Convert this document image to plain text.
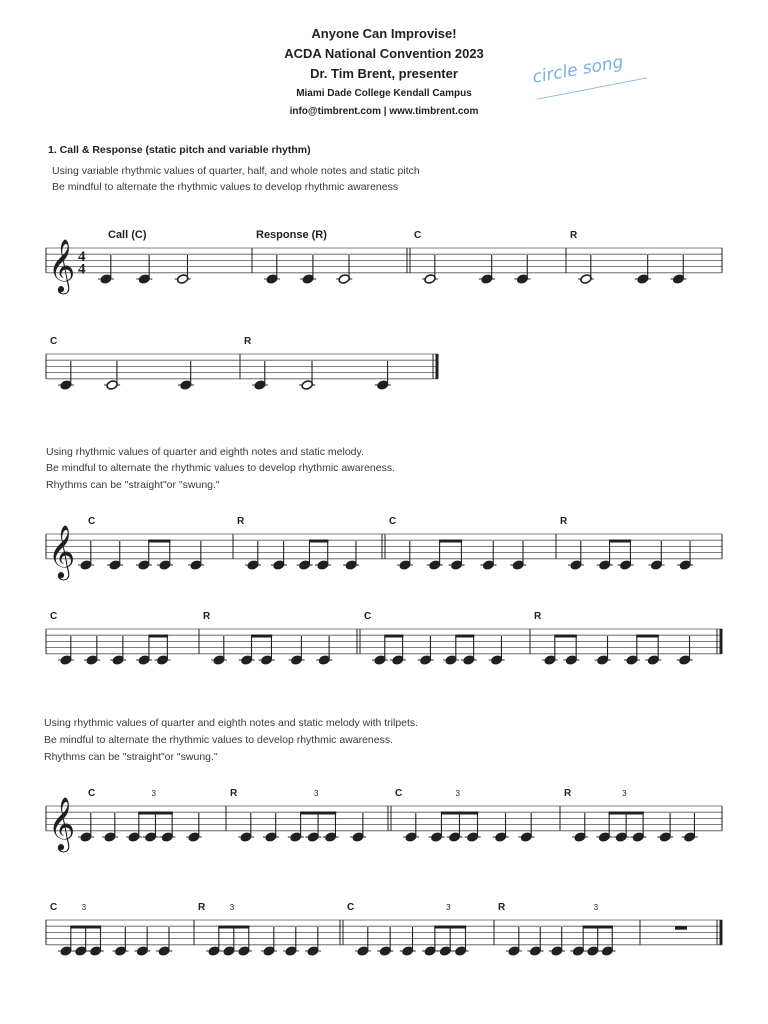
Anyone Can Improvise!
ACDA National Convention 2023
Dr. Tim Brent, presenter
Miami Dade College Kendall Campus
info@timbrent.com | www.timbrent.com
circle song
1. Call & Response (static pitch and variable rhythm)
Using variable rhythmic values of quarter, half, and whole notes and static pitch
Be mindful to alternate the rhythmic values to develop rhythmic awareness
Using rhythmic values of quarter and eighth notes and static melody.
Be mindful to alternate the rhythmic values to develop rhythmic awareness.
Rhythms can be "straight"or "swung."
Using rhythmic values of quarter and eighth notes and static melody with trilpets.
Be mindful to alternate the rhythmic values to develop rhythmic awareness.
Rhythms can be "straight"or "swung."
𝄞 4
4
Call (C)	Response (R)	C	R
C	R
𝄞
C	R	C	R
C	R	C	R
𝄞
C	3	R	3	C	3	R	3
C	3	R	3	C	3	R	3
